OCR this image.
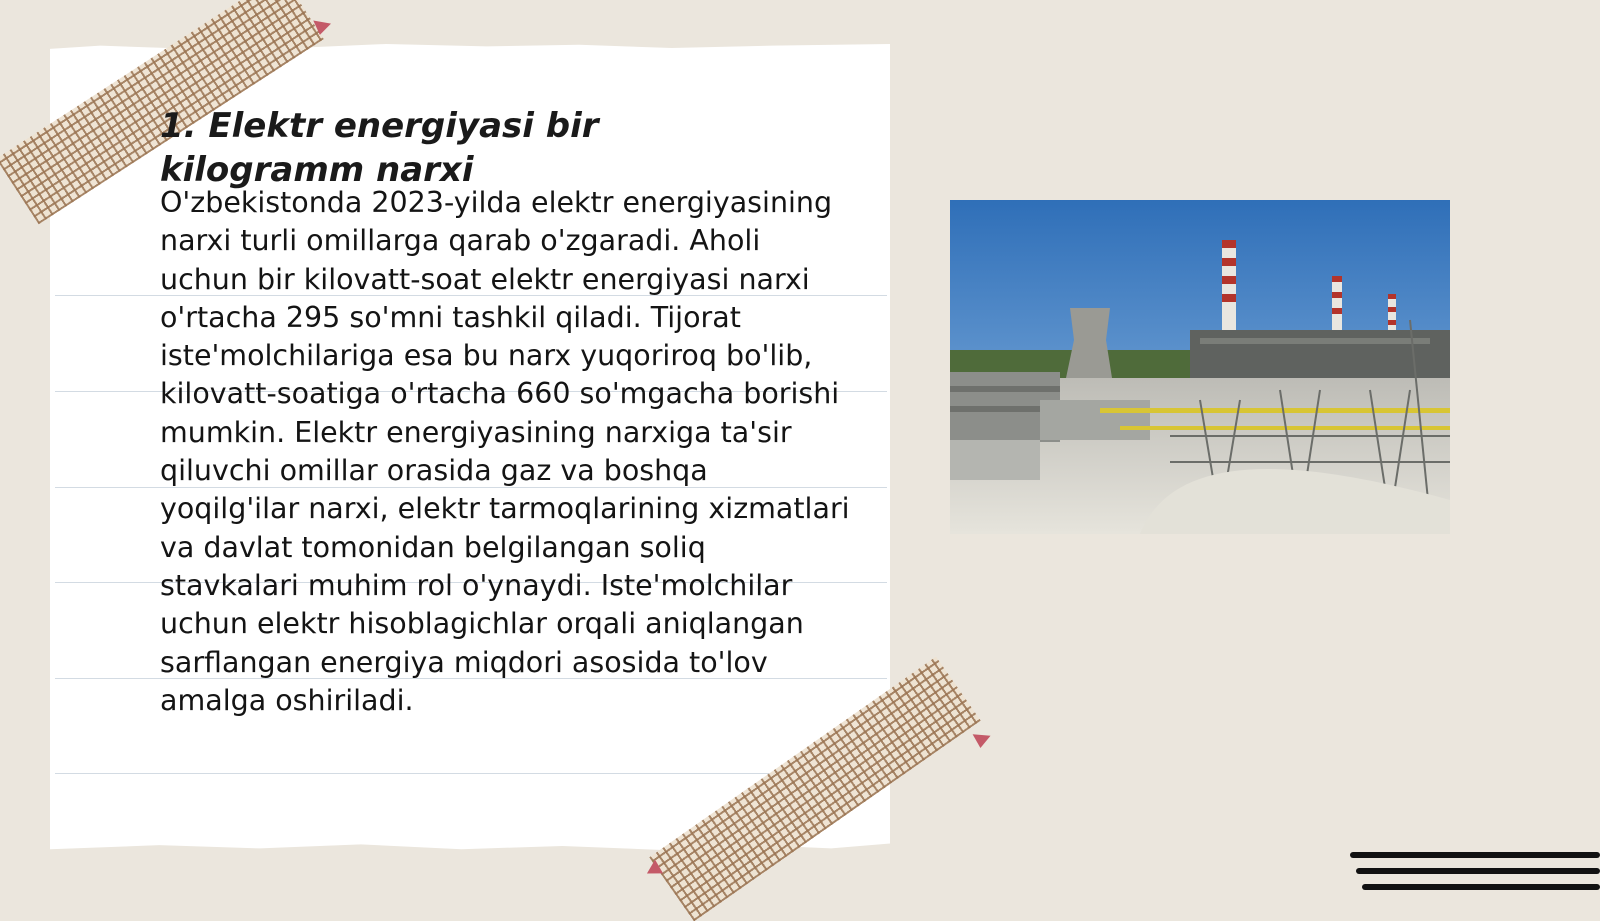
1. Elektr energiyasi bir kilogramm narxi

O'zbekistonda 2023-yilda elektr energiyasining narxi turli omillarga qarab o'zgaradi. Aholi uchun bir kilovatt-soat elektr energiyasi narxi o'rtacha 295 so'mni tashkil qiladi. Tijorat iste'molchilariga esa bu narx yuqoriroq bo'lib, kilovatt-soatiga o'rtacha 660 so'mgacha borishi mumkin. Elektr energiyasining narxiga ta'sir qiluvchi omillar orasida gaz va boshqa yoqilg'ilar narxi, elektr tarmoqlarining xizmatlari va davlat tomonidan belgilangan soliq stavkalari muhim rol o'ynaydi. Iste'molchilar uchun elektr hisoblagichlar orqali aniqlangan sarflangan energiya miqdori asosida to'lov amalga oshiriladi.
